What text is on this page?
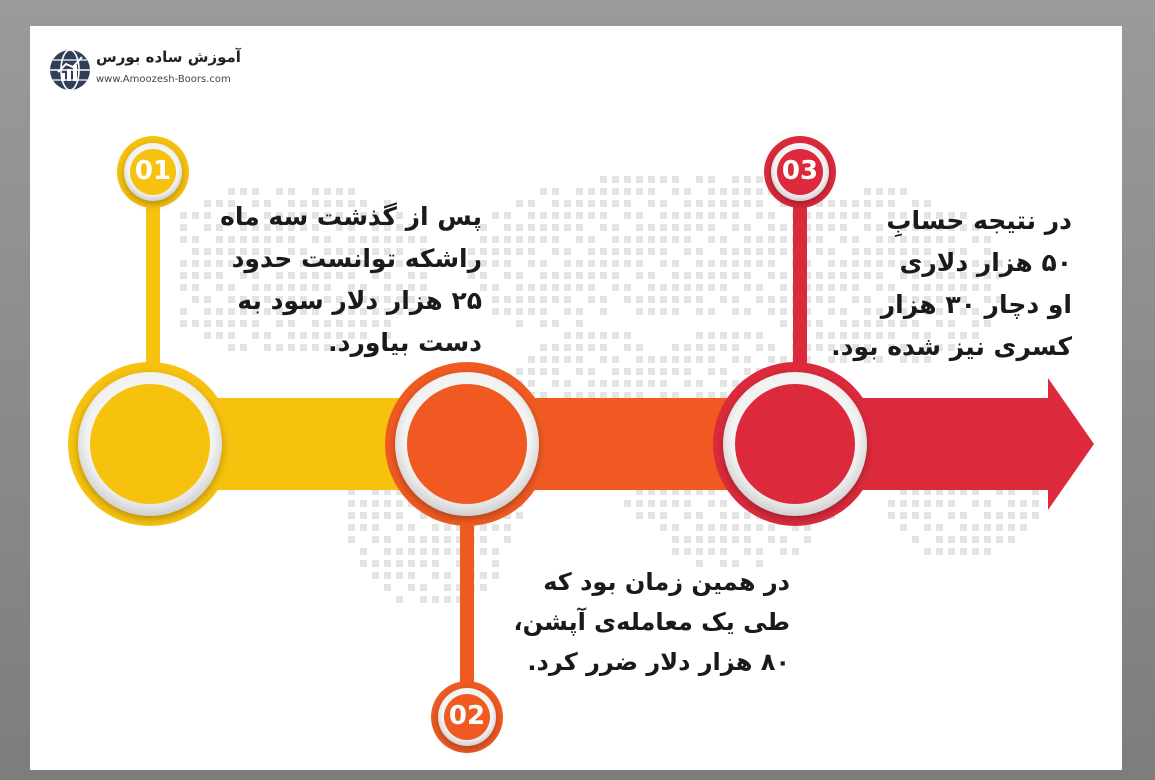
آموزش ساده بورس
www.Amoozesh-Boors.com
01
02
03
پس از گذشت سه ماه
راشکه توانست حدود
۲۵ هزار دلار سود به
دست بیاورد.
در همین زمان بود که
طی یک معامله‌ی آپشن،
۸۰ هزار دلار ضرر کرد.
در نتیجه حسابِ
۵۰ هزار دلاری
او دچار ۳۰ هزار
کسری نیز شده بود.
